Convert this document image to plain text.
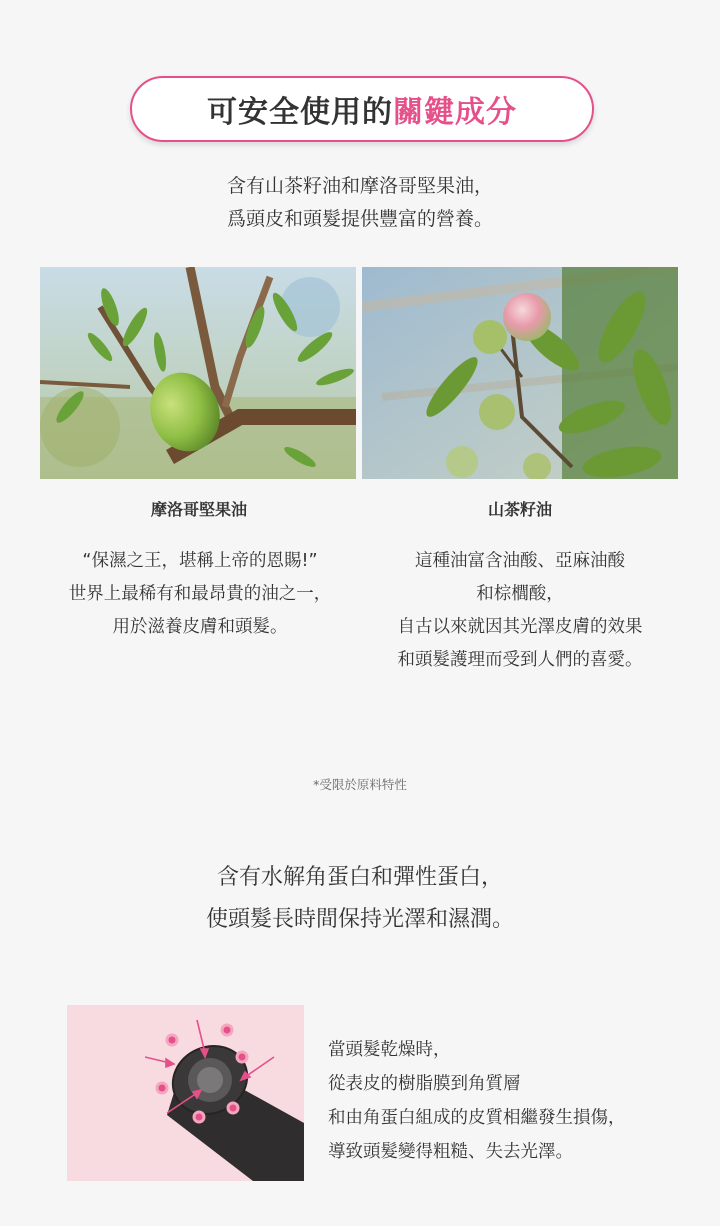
可安全使用的 關鍵成分
含有山茶籽油和摩洛哥堅果油，
爲頭皮和頭髮提供豐富的營養。
摩洛哥堅果油	山茶籽油
“保濕之王，堪稱上帝的恩賜!”
世界上最稀有和最昂貴的油之一，
用於滋養皮膚和頭髮。
這種油富含油酸、亞麻油酸
和棕櫚酸，
自古以來就因其光澤皮膚的效果
和頭髮護理而受到人們的喜愛。
*受限於原料特性
含有水解角蛋白和彈性蛋白，
使頭髮長時間保持光澤和濕潤。
當頭髮乾燥時，
從表皮的樹脂膜到角質層
和由角蛋白組成的皮質相繼發生損傷，
導致頭髮變得粗糙、失去光澤。
